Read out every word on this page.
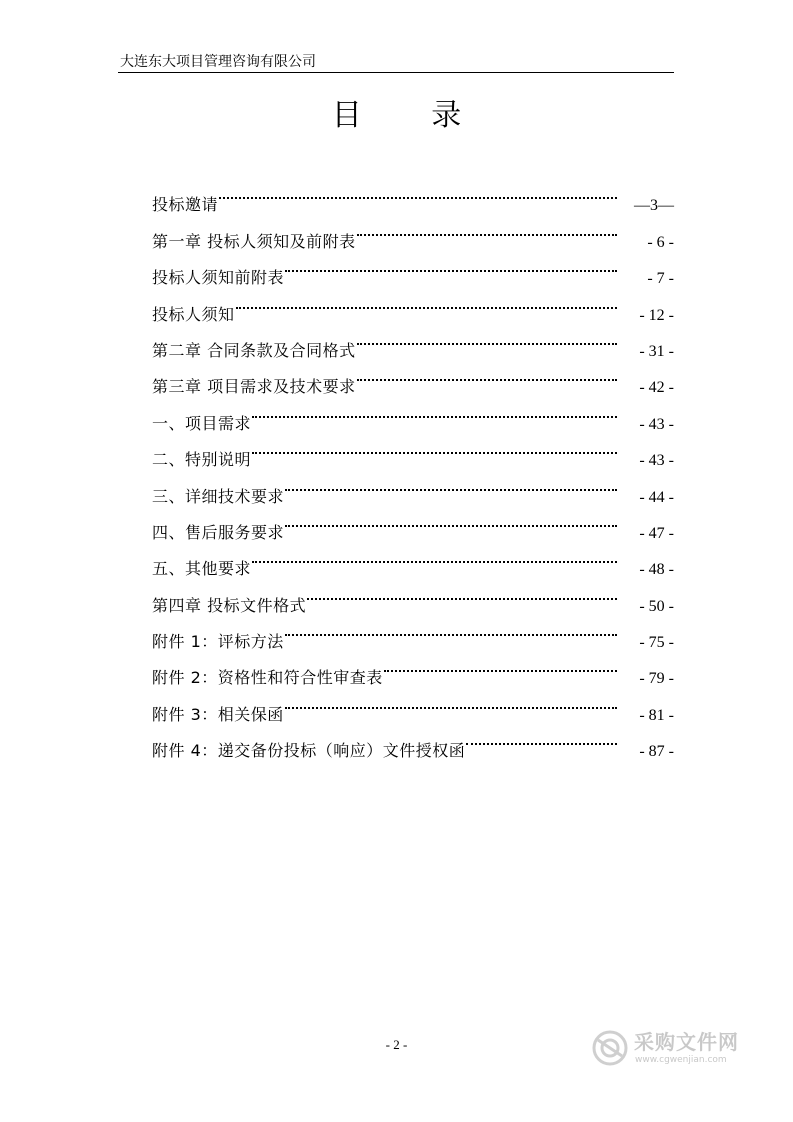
大连东大项目管理咨询有限公司
目 录
投标邀请	—3—
第一章 投标人须知及前附表	- 6 -
投标人须知前附表	- 7 -
投标人须知	- 12 -
第二章 合同条款及合同格式	- 31 -
第三章 项目需求及技术要求	- 42 -
一、项目需求	- 43 -
二、特别说明	- 43 -
三、详细技术要求	- 44 -
四、售后服务要求	- 47 -
五、其他要求	- 48 -
第四章 投标文件格式	- 50 -
附件 1：评标方法	- 75 -
附件 2：资格性和符合性审查表	- 79 -
附件 3：相关保函	- 81 -
附件 4：递交备份投标（响应）文件授权函	- 87 -
- 2 -	采购文件网
www.cgwenjian.com
